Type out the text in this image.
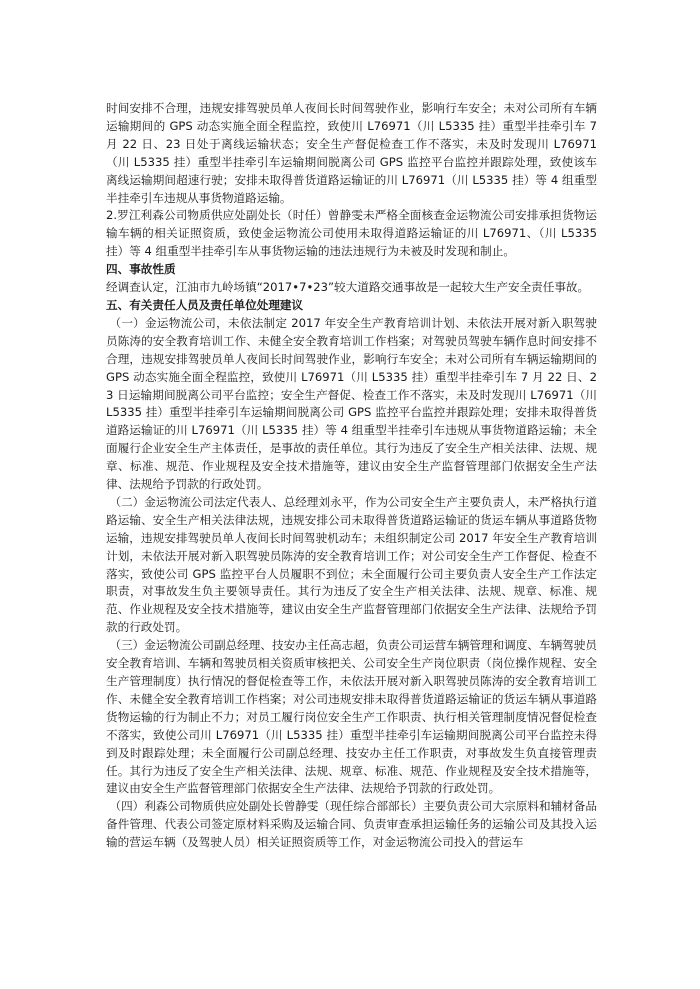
时间安排不合理，违规安排驾驶员单人夜间长时间驾驶作业，影响行车安全；未对公司所有车辆运输期间的 GPS 动态实施全面全程监控，致使川 L76971（川 L5335 挂）重型半挂牵引车 7 月 22 日、23 日处于离线运输状态；安全生产督促检查工作不落实，未及时发现川 L76971（川 L5335 挂）重型半挂牵引车运输期间脱离公司 GPS 监控平台监控并跟踪处理，致使该车离线运输期间超速行驶；安排未取得普货道路运输证的川 L76971（川 L5335 挂）等 4 组重型半挂牵引车违规从事货物道路运输。

2.罗江利森公司物质供应处副处长（时任）曾静雯未严格全面核查金运物流公司安排承担货物运输车辆的相关证照资质，致使金运物流公司使用未取得道路运输证的川 L76971、（川 L5335 挂）等 4 组重型半挂牵引车从事货物运输的违法违规行为未被及时发现和制止。

四、事故性质

经调查认定，江油市九岭场镇“2017•7•23”较大道路交通事故是一起较大生产安全责任事故。

五、有关责任人员及责任单位处理建议

（一）金运物流公司，未依法制定 2017 年安全生产教育培训计划、未依法开展对新入职驾驶员陈涛的安全教育培训工作、未健全安全教育培训工作档案；对驾驶员驾驶车辆作息时间安排不合理，违规安排驾驶员单人夜间长时间驾驶作业，影响行车安全；未对公司所有车辆运输期间的 GPS 动态实施全面全程监控，致使川 L76971（川 L5335 挂）重型半挂牵引车 7 月 22 日、23 日运输期间脱离公司平台监控；安全生产督促、检查工作不落实，未及时发现川 L76971（川 L5335 挂）重型半挂牵引车运输期间脱离公司 GPS 监控平台监控并跟踪处理；安排未取得普货道路运输证的川 L76971（川 L5335 挂）等 4 组重型半挂牵引车违规从事货物道路运输；未全面履行企业安全生产主体责任，是事故的责任单位。其行为违反了安全生产相关法律、法规、规章、标准、规范、作业规程及安全技术措施等，建议由安全生产监督管理部门依据安全生产法律、法规给予罚款的行政处罚。

（二）金运物流公司法定代表人、总经理刘永平，作为公司安全生产主要负责人，未严格执行道路运输、安全生产相关法律法规，违规安排公司未取得普货道路运输证的货运车辆从事道路货物运输，违规安排驾驶员单人夜间长时间驾驶机动车；未组织制定公司 2017 年安全生产教育培训计划，未依法开展对新入职驾驶员陈涛的安全教育培训工作；对公司安全生产工作督促、检查不落实，致使公司 GPS 监控平台人员履职不到位；未全面履行公司主要负责人安全生产工作法定职责，对事故发生负主要领导责任。其行为违反了安全生产相关法律、法规、规章、标准、规范、作业规程及安全技术措施等，建议由安全生产监督管理部门依据安全生产法律、法规给予罚款的行政处罚。

（三）金运物流公司副总经理、技安办主任高志超，负责公司运营车辆管理和调度、车辆驾驶员安全教育培训、车辆和驾驶员相关资质审核把关、公司安全生产岗位职责（岗位操作规程、安全生产管理制度）执行情况的督促检查等工作，未依法开展对新入职驾驶员陈涛的安全教育培训工作、未健全安全教育培训工作档案；对公司违规安排未取得普货道路运输证的货运车辆从事道路货物运输的行为制止不力；对员工履行岗位安全生产工作职责、执行相关管理制度情况督促检查不落实，致使公司川 L76971（川 L5335 挂）重型半挂牵引车运输期间脱离公司平台监控未得到及时跟踪处理；未全面履行公司副总经理、技安办主任工作职责，对事故发生负直接管理责任。其行为违反了安全生产相关法律、法规、规章、标准、规范、作业规程及安全技术措施等，建议由安全生产监督管理部门依据安全生产法律、法规给予罚款的行政处罚。

（四）利森公司物质供应处副处长曾静雯（现任综合部部长）主要负责公司大宗原料和辅材备品备件管理、代表公司签定原材料采购及运输合同、负责审查承担运输任务的运输公司及其投入运输的营运车辆（及驾驶人员）相关证照资质等工作，对金运物流公司投入的营运车
